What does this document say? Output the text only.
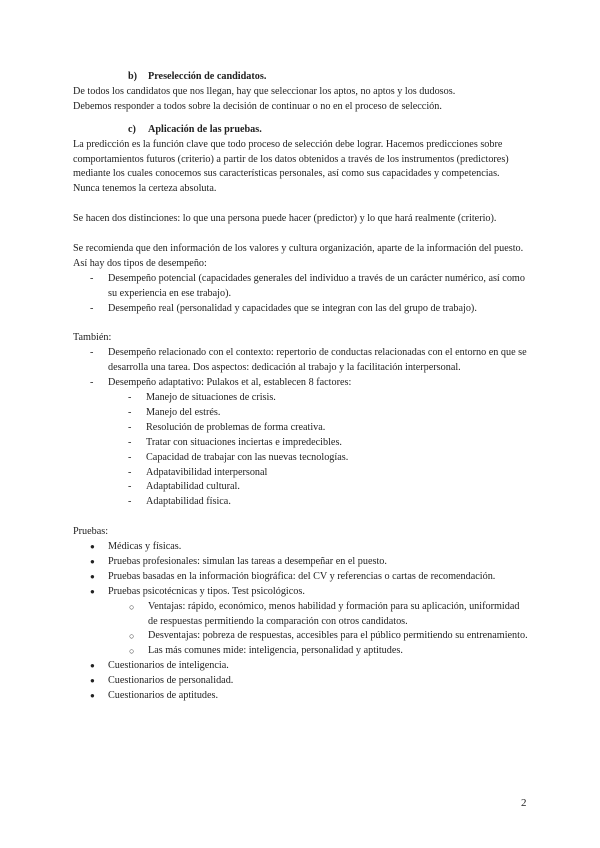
b) Preselección de candidatos.

De todos los candidatos que nos llegan, hay que seleccionar los aptos, no aptos y los dudosos.

Debemos responder a todos sobre la decisión de continuar o no en el proceso de selección.

c) Aplicación de las pruebas.

La predicción es la función clave que todo proceso de selección debe lograr. Hacemos predicciones sobre comportamientos futuros (criterio) a partir de los datos obtenidos a través de los instrumentos (predictores) mediante los cuales conocemos sus características personales, así como sus capacidades y competencias. Nunca tenemos la certeza absoluta.

Se hacen dos distinciones: lo que una persona puede hacer (predictor) y lo que hará realmente (criterio).

Se recomienda que den información de los valores y cultura organización, aparte de la información del puesto. Así hay dos tipos de desempeño:

- Desempeño potencial (capacidades generales del individuo a través de un carácter numérico, así como su experiencia en ese trabajo).
- Desempeño real (personalidad y capacidades que se integran con las del grupo de trabajo).

También:

- Desempeño relacionado con el contexto: repertorio de conductas relacionadas con el entorno en que se desarrolla una tarea. Dos aspectos: dedicación al trabajo y la facilitación interpersonal.
- Desempeño adaptativo: Pulakos et al, establecen 8 factores:
- Manejo de situaciones de crisis.
- Manejo del estrés.
- Resolución de problemas de forma creativa.
- Tratar con situaciones inciertas e impredecibles.
- Capacidad de trabajar con las nuevas tecnologías.
- Adpatavibilidad interpersonal
- Adaptabilidad cultural.
- Adaptabilidad física.

Pruebas:

● Médicas y físicas.
● Pruebas profesionales: simulan las tareas a desempeñar en el puesto.
● Pruebas basadas en la información biográfica: del CV y referencias o cartas de recomendación.
● Pruebas psicotécnicas y tipos. Test psicológicos.
○ Ventajas: rápido, económico, menos habilidad y formación para su aplicación, uniformidad de respuestas permitiendo la comparación con otros candidatos.
○ Desventajas: pobreza de respuestas, accesibles para el público permitiendo su entrenamiento.
○ Las más comunes mide: inteligencia, personalidad y aptitudes.
● Cuestionarios de inteligencia.
● Cuestionarios de personalidad.
● Cuestionarios de aptitudes.
2
